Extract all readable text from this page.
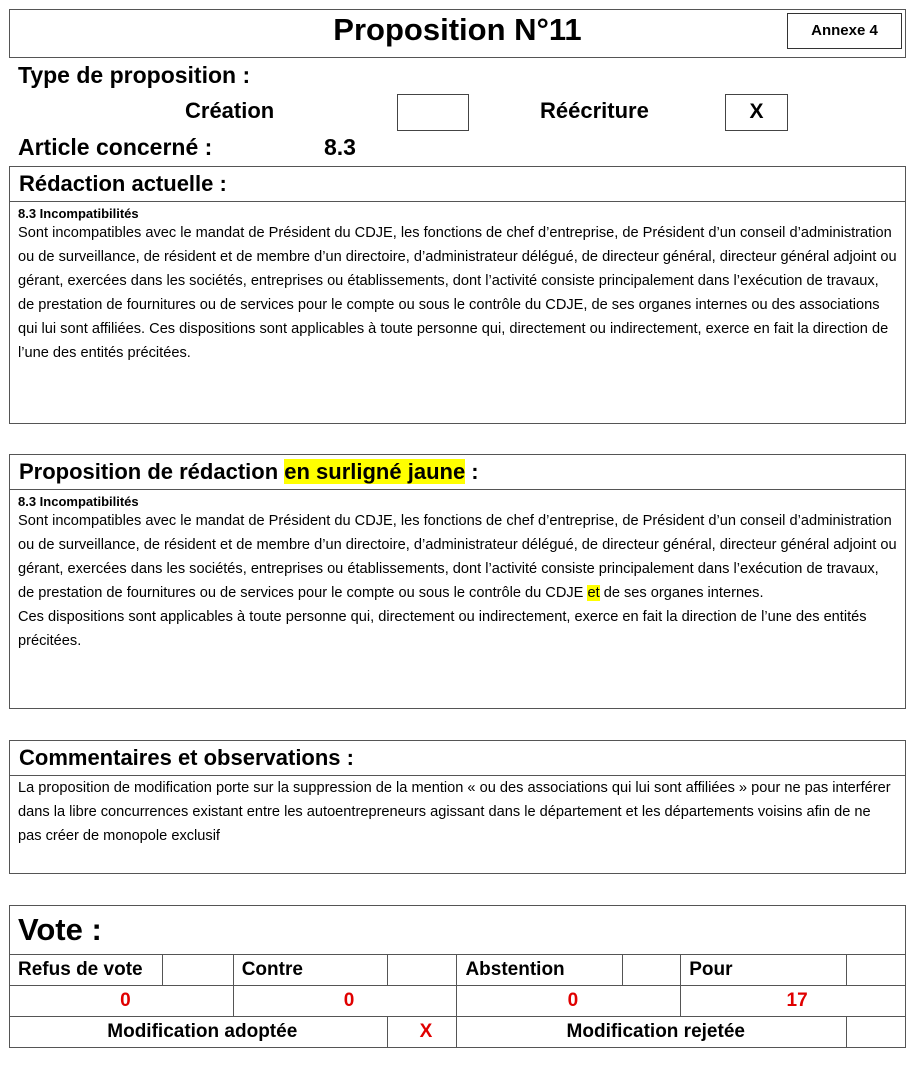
Proposition N°11	Annexe 4
Type de proposition :
Création	Réécriture	X
Article concerné :	8.3
Rédaction actuelle :
8.3 Incompatibilités
Sont incompatibles avec le mandat de Président du CDJE, les fonctions de chef d’entreprise, de Président d’un conseil d’administration ou de surveillance, de résident et de membre d’un directoire, d’administrateur délégué, de directeur général, directeur général adjoint ou gérant, exercées dans les sociétés, entreprises ou établissements, dont l’activité consiste principalement dans l’exécution de travaux, de prestation de fournitures ou de services pour le compte ou sous le contrôle du CDJE, de ses organes internes ou des associations qui lui sont affiliées. Ces dispositions sont applicables à toute personne qui, directement ou indirectement, exerce en fait la direction de l’une des entités précitées.
Proposition de rédaction en surligné jaune :
8.3 Incompatibilités

Sont incompatibles avec le mandat de Président du CDJE, les fonctions de chef d’entreprise, de Président d’un conseil d’administration ou de surveillance, de résident et de membre d’un directoire, d’administrateur délégué, de directeur général, directeur général adjoint ou gérant, exercées dans les sociétés, entreprises ou établissements, dont l’activité consiste principalement dans l’exécution de travaux, de prestation de fournitures ou de services pour le compte ou sous le contrôle du CDJE et de ses organes internes.

Ces dispositions sont applicables à toute personne qui, directement ou indirectement, exerce en fait la direction de l’une des entités précitées.

Commentaires et observations :
La proposition de modification porte sur la suppression de la mention « ou des associations qui lui sont affiliées » pour ne pas interférer dans la libre concurrences existant entre les autoentrepreneurs agissant dans le département et les départements voisins afin de ne pas créer de monopole exclusif
Vote :
Refus de vote		Contre		Abstention		Pour	
0		0		0		17	
Modification adoptée			X	Modification rejetée			
